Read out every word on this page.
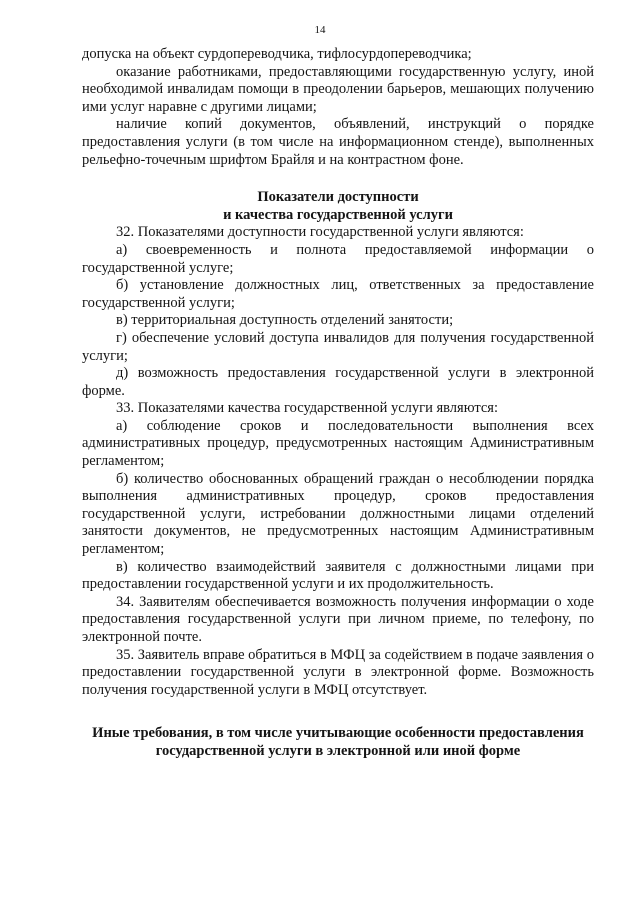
14

допуска на объект сурдопереводчика, тифлосурдопереводчика;

оказание работниками, предоставляющими государственную услугу, иной необходимой инвалидам помощи в преодолении барьеров, мешающих получению ими услуг наравне с другими лицами;

наличие копий документов, объявлений, инструкций о порядке предоставления услуги (в том числе на информационном стенде), выполненных рельефно-точечным шрифтом Брайля и на контрастном фоне.

Показатели доступности
и качества государственной услуги

32. Показателями доступности государственной услуги являются:

а) своевременность и полнота предоставляемой информации о государственной услуге;

б) установление должностных лиц, ответственных за предоставление государственной услуги;

в) территориальная доступность отделений занятости;

г) обеспечение условий доступа инвалидов для получения государственной услуги;

д) возможность предоставления государственной услуги в электронной форме.

33. Показателями качества государственной услуги являются:

а) соблюдение сроков и последовательности выполнения всех административных процедур, предусмотренных настоящим Административным регламентом;

б) количество обоснованных обращений граждан о несоблюдении порядка выполнения административных процедур, сроков предоставления государственной услуги, истребовании должностными лицами отделений занятости документов, не предусмотренных настоящим Административным регламентом;

в) количество взаимодействий заявителя с должностными лицами при предоставлении государственной услуги и их продолжительность.

34. Заявителям обеспечивается возможность получения информации о ходе предоставления государственной услуги при личном приеме, по телефону, по электронной почте.

35. Заявитель вправе обратиться в МФЦ за содействием в подаче заявления о предоставлении государственной услуги в электронной форме. Возможность получения государственной услуги в МФЦ отсутствует.

Иные требования, в том числе учитывающие особенности предоставления
государственной услуги в электронной или иной форме
